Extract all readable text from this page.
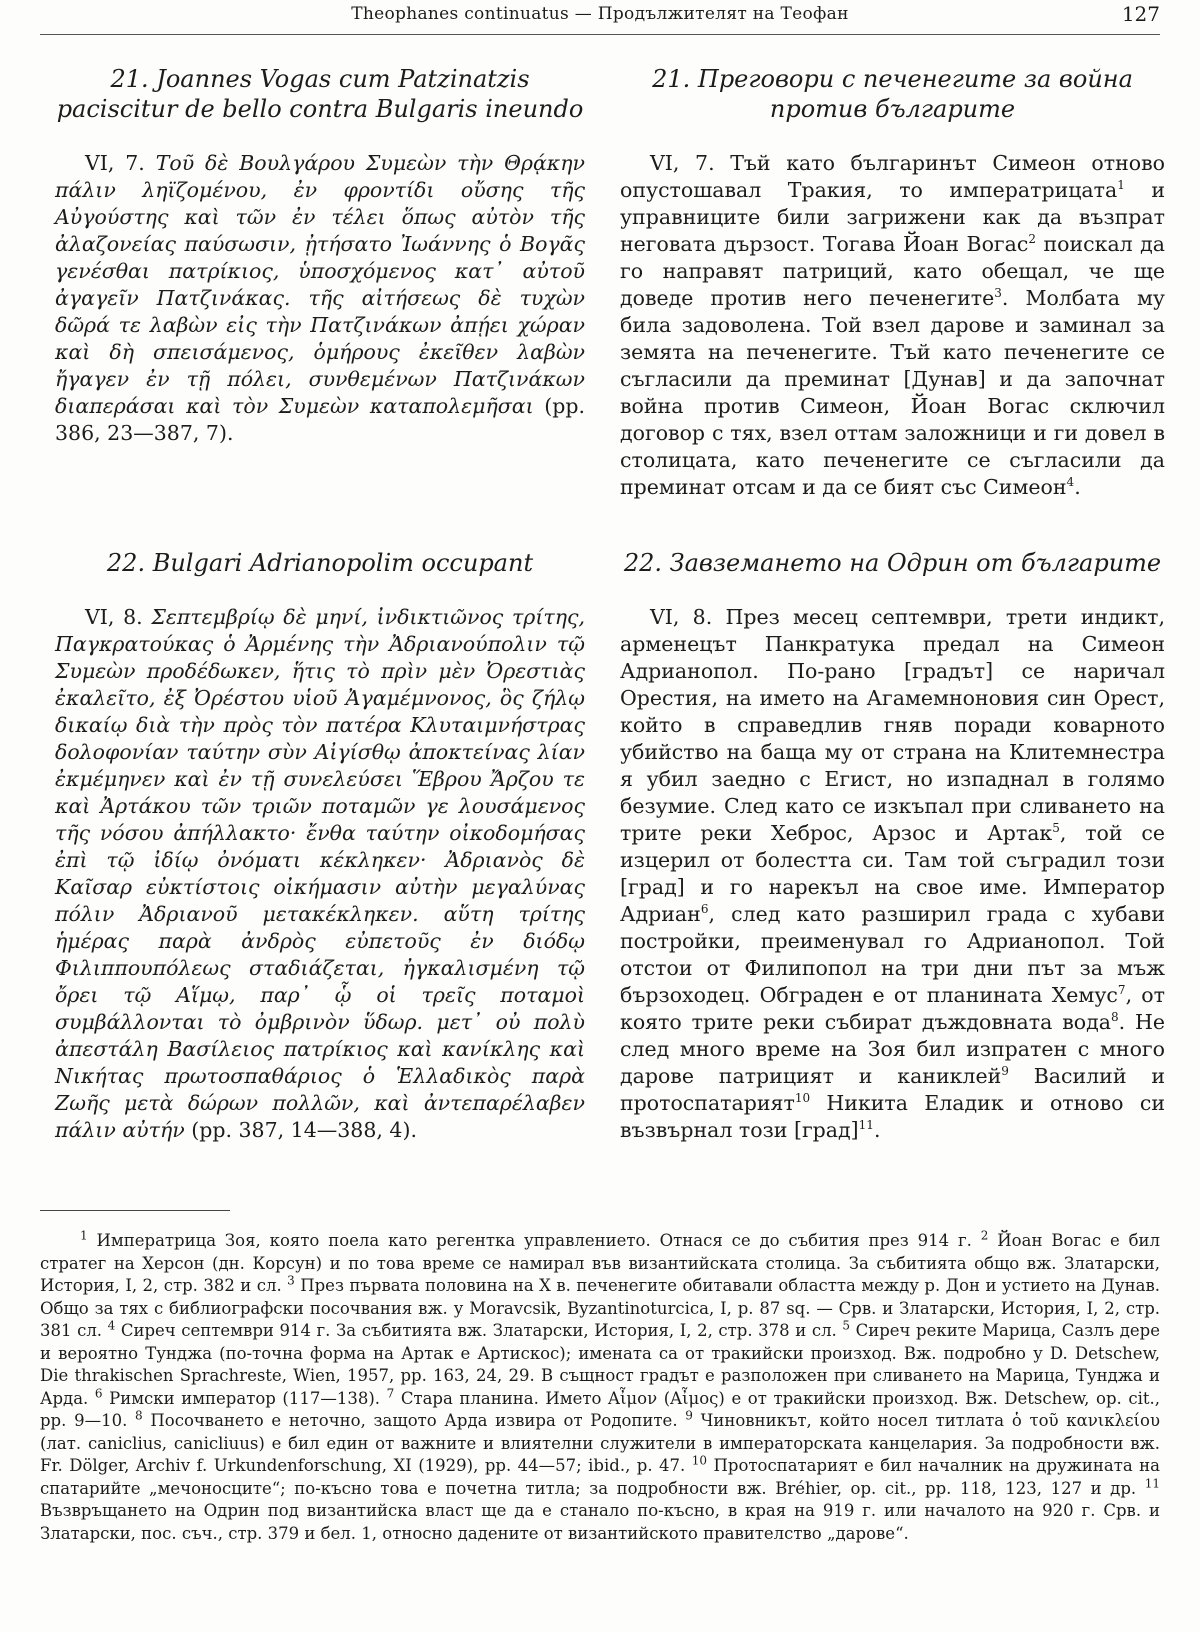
Theophanes continuatus — Продължителят на Теофан	127
21. Joannes Vogas cum Patzinatzis paciscitur de bello contra Bulgaris ineundo

VI, 7. Τοῦ δὲ Βουλγάρου Συμεὼν τὴν Θρᾴκην πάλιν ληϊζομένου, ἐν φροντίδι οὔσης τῆς Αὐγούστης καὶ τῶν ἐν τέλει ὅπως αὐτὸν τῆς ἀλαζονείας παύσωσιν, ᾐτήσατο Ἰωάννης ὁ Βογᾶς γενέσθαι πατρίκιος, ὑποσχόμενος κατ᾽ αὐτοῦ ἀγαγεῖν Πατζινάκας. τῆς αἰτήσεως δὲ τυχὼν δῶρά τε λαβὼν εἰς τὴν Πατζινάκων ἀπῄει χώραν καὶ δὴ σπεισάμενος, ὁμήρους ἐκεῖθεν λαβὼν ἤγαγεν ἐν τῇ πόλει, συνθεμένων Πατζινάκων διαπεράσαι καὶ τὸν Συμεὼν καταπολεμῆσαι (pp. 386, 23—387, 7).

22. Bulgari Adrianopolim occupant

VI, 8. Σεπτεμβρίῳ δὲ μηνί, ἰνδικτιῶνος τρίτης, Παγκρατούκας ὁ Ἀρμένης τὴν Ἀδριανούπολιν τῷ Συμεὼν προδέδωκεν, ἥτις τὸ πρὶν μὲν Ὀρεστιὰς ἐκαλεῖτο, ἐξ Ὀρέστου υἱοῦ Ἀγαμέμνονος, ὃς ζήλῳ δικαίῳ διὰ τὴν πρὸς τὸν πατέρα Κλυταιμνήστρας δολοφονίαν ταύτην σὺν Αἰγίσθῳ ἀποκτείνας λίαν ἐκμέμηνεν καὶ ἐν τῇ συνελεύσει Ἕβρου Ἄρζου τε καὶ Ἀρτάκου τῶν τριῶν ποταμῶν γε λουσάμενος τῆς νόσου ἀπήλλακτο· ἔνθα ταύτην οἰκοδομήσας ἐπὶ τῷ ἰδίῳ ὀνόματι κέκληκεν· Ἀδριανὸς δὲ Καῖσαρ εὐκτίστοις οἰκήμασιν αὐτὴν μεγαλύνας πόλιν Ἀδριανοῦ μετακέκληκεν. αὕτη τρίτης ἡμέρας παρὰ ἀνδρὸς εὐπετοῦς ἐν διόδῳ Φιλιππουπόλεως σταδιάζεται, ἠγκαλισμένη τῷ ὄρει τῷ Αἵμῳ, παρ᾽ ᾧ οἱ τρεῖς ποταμοὶ συμβάλλονται τὸ ὀμβρινὸν ὕδωρ. μετ᾽ οὐ πολὺ ἀπεστάλη Βασίλειος πατρίκιος καὶ κανίκλης καὶ Νικήτας πρωτοσπαθάριος ὁ Ἑλλαδικὸς παρὰ Ζωῆς μετὰ δώρων πολλῶν, καὶ ἀντεπαρέλαβεν πάλιν αὐτήν (pp. 387, 14—388, 4).

21. Преговори с печенегите за война против българите

VI, 7. Тъй като българинът Симеон отново опустошавал Тракия, то императрицата$^1$ и управниците били загрижени как да възпрат неговата дързост. Тогава Йоан Вогас$^2$ поискал да го направят патриций, като обещал, че ще доведе против него печенегите$^3$. Молбата му била задоволена. Той взел дарове и заминал за земята на печенегите. Тъй като печенегите се съгласили да преминат [Дунав] и да започнат война против Симеон, Йоан Вогас сключил договор с тях, взел оттам заложници и ги довел в столицата, като печенегите се съгласили да преминат отсам и да се бият със Симеон$^4$.

22. Завземането на Одрин от българите

VI, 8. През месец септември, трети индикт, арменецът Панкратука предал на Симеон Адрианопол. По-рано [градът] се наричал Орестия, на името на Агамемноновия син Орест, който в справедлив гняв поради коварното убийство на баща му от страна на Клитемнестра я убил заедно с Егист, но изпаднал в голямо безумие. След като се изкъпал при сливането на трите реки Хеброс, Арзос и Артак$^5$, той се изцерил от болестта си. Там той съградил този [град] и го нарекъл на свое име. Император Адриан$^6$, след като разширил града с хубави постройки, преименувал го Адрианопол. Той отстои от Филипопол на три дни път за мъж бързоходец. Обграден е от планината Хемус$^7$, от която трите реки събират дъждовната вода$^8$. Не след много време на Зоя бил изпратен с много дарове патрицият и каниклей$^9$ Василий и протоспатарият$^{10}$ Никита Еладик и отново си възвърнал този [град]$^{11}$.

$^1$ Императрица Зоя, която поела като регентка управлението. Отнася се до събития през 914 г. $^2$ Йоан Вогас е бил стратег на Херсон (дн. Корсун) и по това време се намирал във византийската столица. За събитията общо вж. Златарски, История, I, 2, стр. 382 и сл. $^3$ През първата половина на X в. печенегите обитавали областта между р. Дон и устието на Дунав. Общо за тях с библиографски посочвания вж. у Moravcsik, Byzantinoturcica, I, p. 87 sq. — Срв. и Златарски, История, I, 2, стр. 381 сл. $^4$ Сиреч септември 914 г. За събитията вж. Златарски, История, I, 2, стр. 378 и сл. $^5$ Сиреч реките Марица, Сазлъ дере и вероятно Тунджа (по-точна форма на Артак е Артискос); имената са от тракийски произход. Вж. подробно у D. Detschew, Die thrakischen Sprachreste, Wien, 1957, pp. 163, 24, 29. В същност градът е разположен при сливането на Марица, Тунджа и Арда. $^6$ Римски император (117—138). $^7$ Стара планина. Името Αἶμον (Αἶμος) е от тракийски произход. Вж. Detschew, op. cit., pp. 9—10. $^8$ Посочването е неточно, защото Арда извира от Родопите. $^9$ Чиновникът, който носел титлата ὁ τοῦ κανικλείου (лат. caniclius, canicliuus) е бил един от важните и влиятелни служители в императорската канцелария. За подробности вж. Fr. Dölger, Archiv f. Urkundenforschung, XI (1929), pp. 44—57; ibid., p. 47. $^{10}$ Протоспатарият е бил началник на дружината на спатарийте „мечоносците“; по-късно това е почетна титла; за подробности вж. Bréhier, op. cit., pp. 118, 123, 127 и др. $^{11}$ Възвръщането на Одрин под византийска власт ще да е станало по-късно, в края на 919 г. или началото на 920 г. Срв. и Златарски, пос. съч., стр. 379 и бел. 1, относно дадените от византийското правителство „дарове“.
